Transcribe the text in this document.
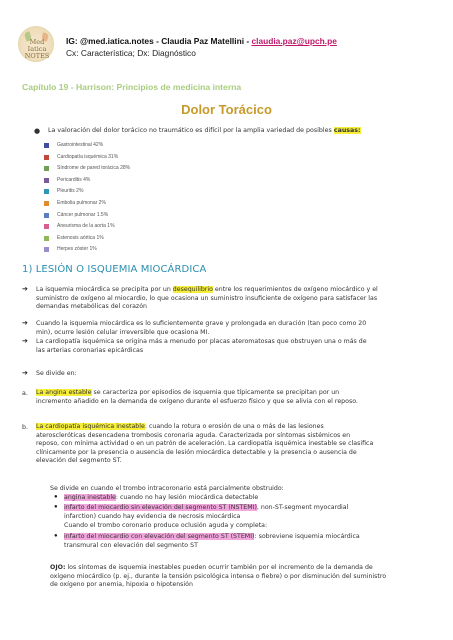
Med Iatica NOTES
IG: @med.iatica.notes - Claudia Paz Matellini - claudia.paz@upch.pe
Cx: Característica; Dx: Diagnóstico
Capítulo 19 - Harrison: Principios de medicina interna
Dolor Torácico
● La valoración del dolor torácico no traumático es difícil por la amplia variedad de posibles causas:
Gastrointestinal 42%
Cardiopatía isquémica 31%
Síndrome de pared torácica 28%
Pericarditis 4%
Pleuritis 2%
Embolia pulmonar 2%
Cáncer pulmonar 1.5%
Aneurisma de la aorta 1%
Estenosis aórtica 1%
Herpes zóster 1%
1) LESIÓN O ISQUEMIA MIOCÁRDICA
➔ La isquemia miocárdica se precipita por un desequilibrio entre los requerimientos de oxígeno miocárdico y el
suministro de oxígeno al miocardio, lo que ocasiona un suministro insuficiente de oxígeno para satisfacer las
demandas metabólicas del corazón
➔ Cuando la isquemia miocárdica es lo suficientemente grave y prolongada en duración (tan poco como 20
min), ocurre lesión celular irreversible que ocasiona MI.
➔ La cardiopatía isquémica se origina más a menudo por placas ateromatosas que obstruyen una o más de
las arterias coronarias epicárdicas
➔ Se divide en:
a. La angina estable se caracteriza por episodios de isquemia que típicamente se precipitan por un
incremento añadido en la demanda de oxígeno durante el esfuerzo físico y que se alivia con el reposo.
b. La cardiopatía isquémica inestable: cuando la rotura o erosión de una o más de las lesiones
ateroscleróticas desencadena trombosis coronaria aguda. Caracterizada por síntomas sistémicos en
reposo, con mínima actividad o en un patrón de aceleración. La cardiopatía isquémica inestable se clasifica
clínicamente por la presencia o ausencia de lesión miocárdica detectable y la presencia o ausencia de
elevación del segmento ST.
Se divide en cuando el trombo intracoronario está parcialmente obstruido:
● angina inestable: cuando no hay lesión miocárdica detectable
● infarto del miocardio sin elevación del segmento ST (NSTEMI), non-ST-segment myocardial
infarction) cuando hay evidencia de necrosis miocárdica
Cuando el trombo coronario produce oclusión aguda y completa:
● infarto del miocardio con elevación del segmento ST (STEMI): sobreviene isquemia miocárdica
transmural con elevación del segmento ST
OJO: los síntomas de isquemia inestables pueden ocurrir también por el incremento de la demanda de
oxígeno miocárdico (p. ej., durante la tensión psicológica intensa o fiebre) o por disminución del suministro
de oxígeno por anemia, hipoxia o hipotensión
